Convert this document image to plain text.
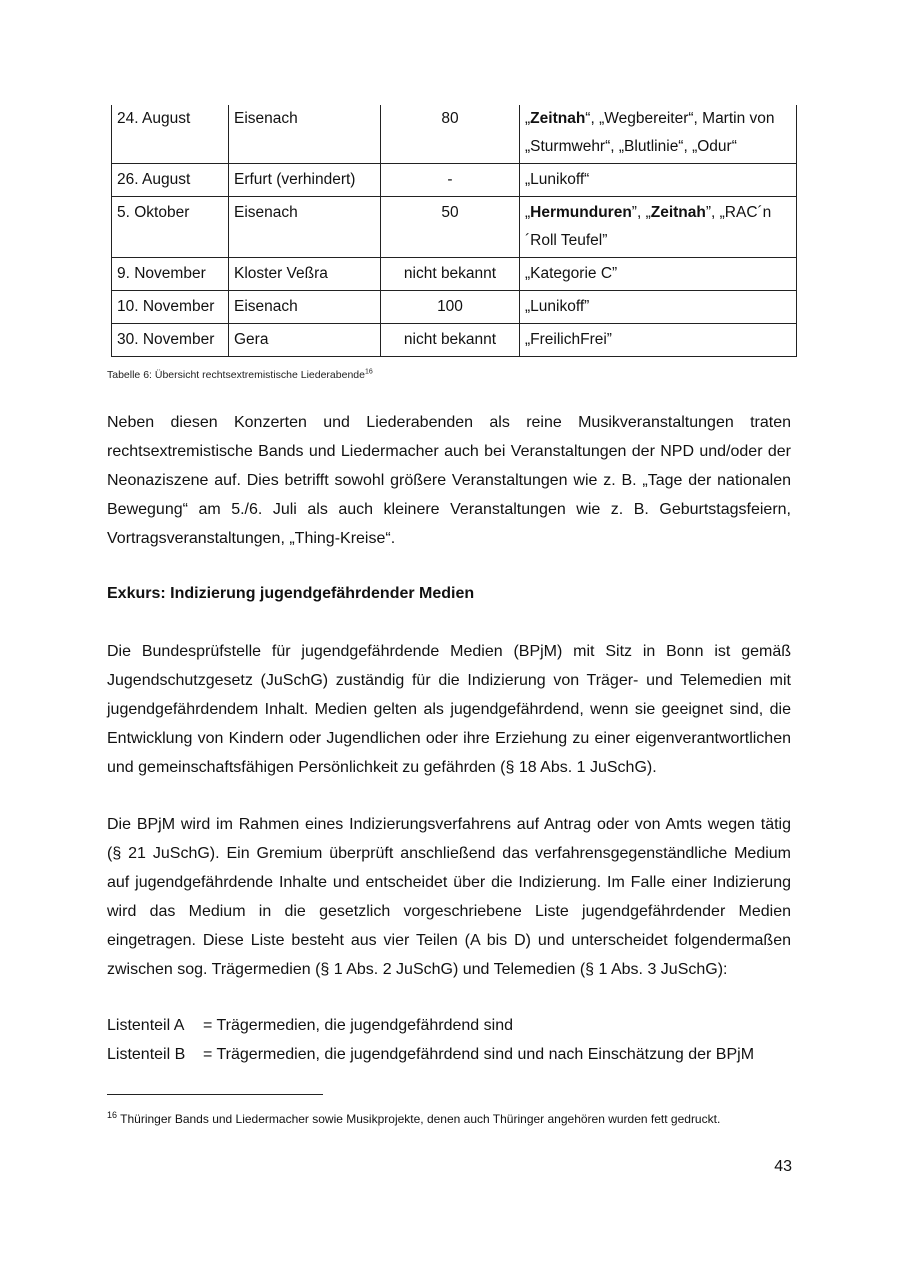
24. August	Eisenach	80	„Zeitnah“, „Wegbereiter“, Martin von „Sturmwehr“, „Blutlinie“, „Odur“
26. August	Erfurt (verhindert)	-	„Lunikoff“
5. Oktober	Eisenach	50	„Hermunduren”, „Zeitnah”, „RAC´n´Roll Teufel”
9. November	Kloster Veßra	nicht bekannt	„Kategorie C”
10. November	Eisenach	100	„Lunikoff”
30. November	Gera	nicht bekannt	„FreilichFrei”
Tabelle 6: Übersicht rechtsextremistische Liederabende$^{16}$

Neben diesen Konzerten und Liederabenden als reine Musikveranstaltungen traten rechtsextremistische Bands und Liedermacher auch bei Veranstaltungen der NPD und/oder der Neonaziszene auf. Dies betrifft sowohl größere Veranstaltungen wie z. B. „Tage der nationalen Bewegung“ am 5./6. Juli als auch kleinere Veranstaltungen wie z. B. Geburtstagsfeiern, Vortragsveranstaltungen, „Thing-Kreise“.

Exkurs: Indizierung jugendgefährdender Medien

Die Bundesprüfstelle für jugendgefährdende Medien (BPjM) mit Sitz in Bonn ist gemäß Jugendschutzgesetz (JuSchG) zuständig für die Indizierung von Träger- und Telemedien mit jugendgefährdendem Inhalt. Medien gelten als jugendgefährdend, wenn sie geeignet sind, die Entwicklung von Kindern oder Jugendlichen oder ihre Erziehung zu einer eigenverantwortlichen und gemeinschaftsfähigen Persönlichkeit zu gefährden (§ 18 Abs. 1 JuSchG).

Die BPjM wird im Rahmen eines Indizierungsverfahrens auf Antrag oder von Amts wegen tätig (§ 21 JuSchG). Ein Gremium überprüft anschließend das verfahrensgegenständliche Medium auf jugendgefährdende Inhalte und entscheidet über die Indizierung. Im Falle einer Indizierung wird das Medium in die gesetzlich vorgeschriebene Liste jugendgefährdender Medien eingetragen. Diese Liste besteht aus vier Teilen (A bis D) und unterscheidet folgendermaßen zwischen sog. Trägermedien (§ 1 Abs. 2 JuSchG) und Telemedien (§ 1 Abs. 3 JuSchG):

Listenteil A	= Trägermedien, die jugendgefährdend sind
Listenteil B	= Trägermedien, die jugendgefährdend sind und nach Einschätzung der BPjM
$^{16}$ Thüringer Bands und Liedermacher sowie Musikprojekte, denen auch Thüringer angehören wurden fett gedruckt.
43
